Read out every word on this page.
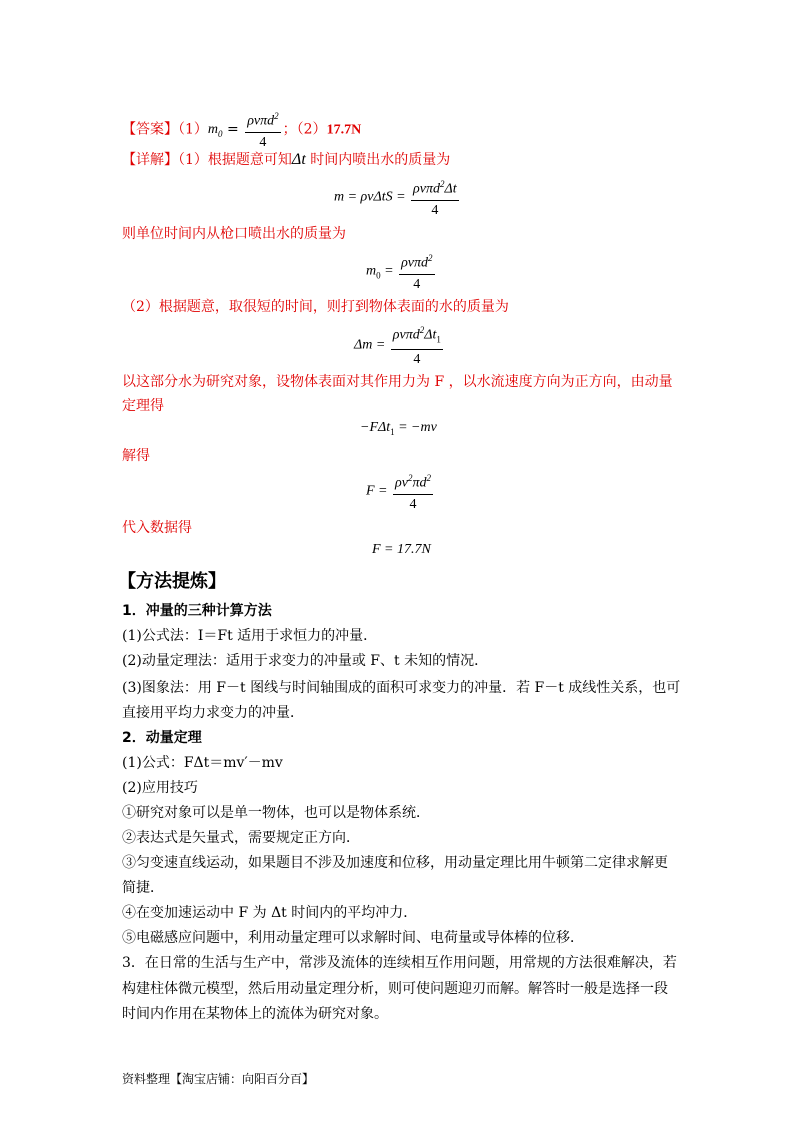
【答案】$(1)m_0 = \frac{\rho v\pi d^2}{4}$ ；（2）17.7N
【详解】（1）根据题意可知Δt 时间内喷出水的质量为
$m = \rho v\Delta tS = \frac{\rho v\pi d^2\Delta t}{4}$
则单位时间内从枪口喷出水的质量为
$m_0 = \frac{\rho v\pi d^2}{4}$
（2）根据题意，取很短的时间，则打到物体表面的水的质量为
$\Delta m = \frac{\rho v\pi d^2\Delta t_1}{4}$
以这部分水为研究对象，设物体表面对其作用力为 F ，以水流速度方向为正方向，由动量
定理得
−FΔt$_1$ = −mv
解得
$F = \frac{\rho v^2\pi d^2}{4}$
代入数据得
F = 17.7N
【方法提炼】
1．冲量的三种计算方法
(1)公式法：I＝Ft 适用于求恒力的冲量．
(2)动量定理法：适用于求变力的冲量或 F、t 未知的情况．
(3)图象法：用 F－t 图线与时间轴围成的面积可求变力的冲量．若 F－t 成线性关系，也可
直接用平均力求变力的冲量．
2．动量定理
(1)公式：FΔt＝mv′－mv
(2)应用技巧
①研究对象可以是单一物体，也可以是物体系统．
②表达式是矢量式，需要规定正方向．
③匀变速直线运动，如果题目不涉及加速度和位移，用动量定理比用牛顿第二定律求解更
简捷．
④在变加速运动中 F 为 Δt 时间内的平均冲力．
⑤电磁感应问题中，利用动量定理可以求解时间、电荷量或导体棒的位移．
3．在日常的生活与生产中，常涉及流体的连续相互作用问题，用常规的方法很难解决，若
构建柱体微元模型，然后用动量定理分析，则可使问题迎刃而解。解答时一般是选择一段
时间内作用在某物体上的流体为研究对象。
资料整理【淘宝店铺：向阳百分百】
